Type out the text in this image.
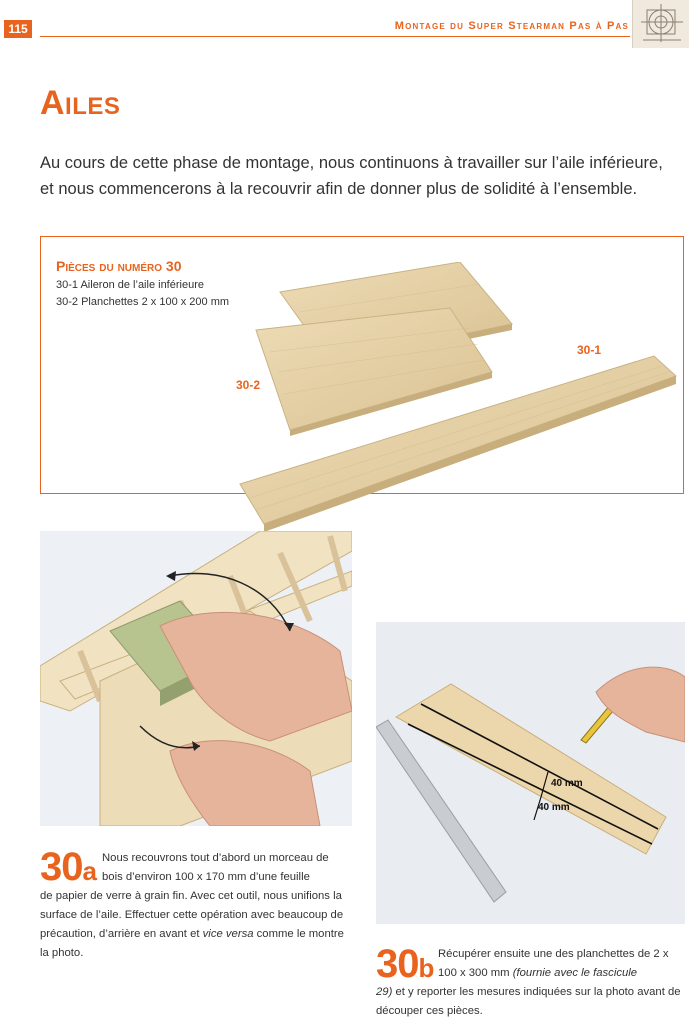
115	Montage du Super Stearman Pas à Pas
Ailes

Au cours de cette phase de montage, nous continuons à travailler sur l’aile inférieure, et nous commencerons à la recouvrir afin de donner plus de solidité à l’ensemble.

Pièces du numéro 30
30-1 Aileron de l’aile inférieure
30-2 Planchettes 2 x 100 x 200 mm
30-2
30-1
40 mm
40 mm
30a Nous recouvrons tout d’abord un morceau de bois d’environ 100 x 170 mm d’une feuille
de papier de verre à grain fin. Avec cet outil, nous unifions la surface de l’aile. Effectuer cette opération avec beaucoup de précaution, d’arrière en avant et vice versa comme le montre la photo.	30b Récupérer ensuite une des planchettes de 2 x 100 x 300 mm (fournie avec le fascicule
29) et y reporter les mesures indiquées sur la photo avant de découper ces pièces.
